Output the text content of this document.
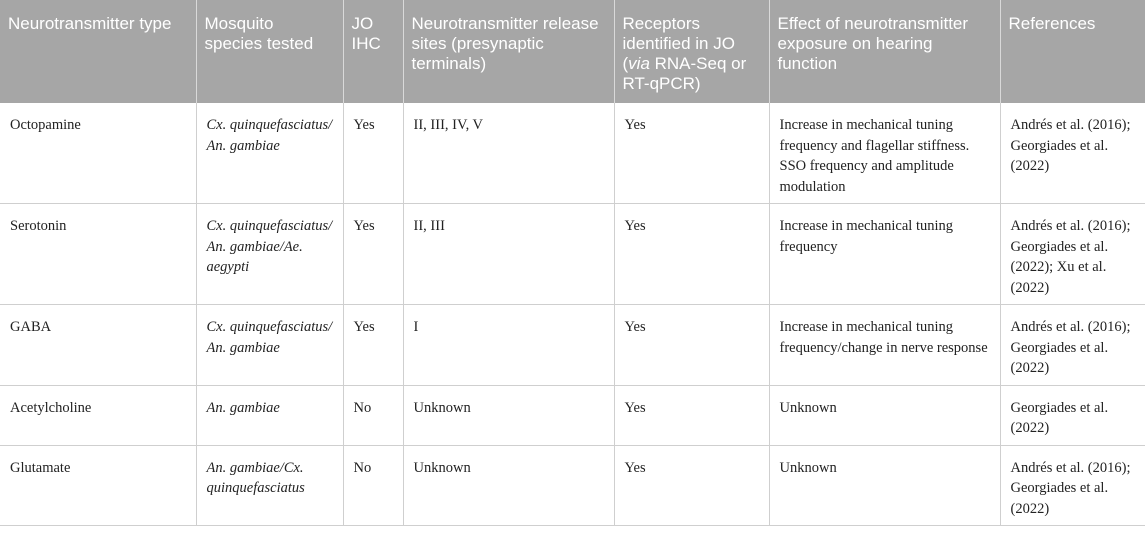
Neurotransmitter type	Mosquito species tested	JO IHC	Neurotransmitter release sites (presynaptic terminals)	Receptors identified in JO (via RNA-Seq or RT-qPCR)	Effect of neurotransmitter exposure on hearing function	References
Octopamine	Cx. quinquefasciatus/ An. gambiae	Yes	II, III, IV, V	Yes	Increase in mechanical tuning frequency and flagellar stiffness. SSO frequency and amplitude modulation	Andrés et al. (2016); Georgiades et al. (2022)
Serotonin	Cx. quinquefasciatus/ An. gambiae/Ae. aegypti	Yes	II, III	Yes	Increase in mechanical tuning frequency	Andrés et al. (2016); Georgiades et al. (2022); Xu et al. (2022)
GABA	Cx. quinquefasciatus/ An. gambiae	Yes	I	Yes	Increase in mechanical tuning frequency/change in nerve response	Andrés et al. (2016); Georgiades et al. (2022)
Acetylcholine	An. gambiae	No	Unknown	Yes	Unknown	Georgiades et al. (2022)
Glutamate	An. gambiae/Cx. quinquefasciatus	No	Unknown	Yes	Unknown	Andrés et al. (2016); Georgiades et al. (2022)
